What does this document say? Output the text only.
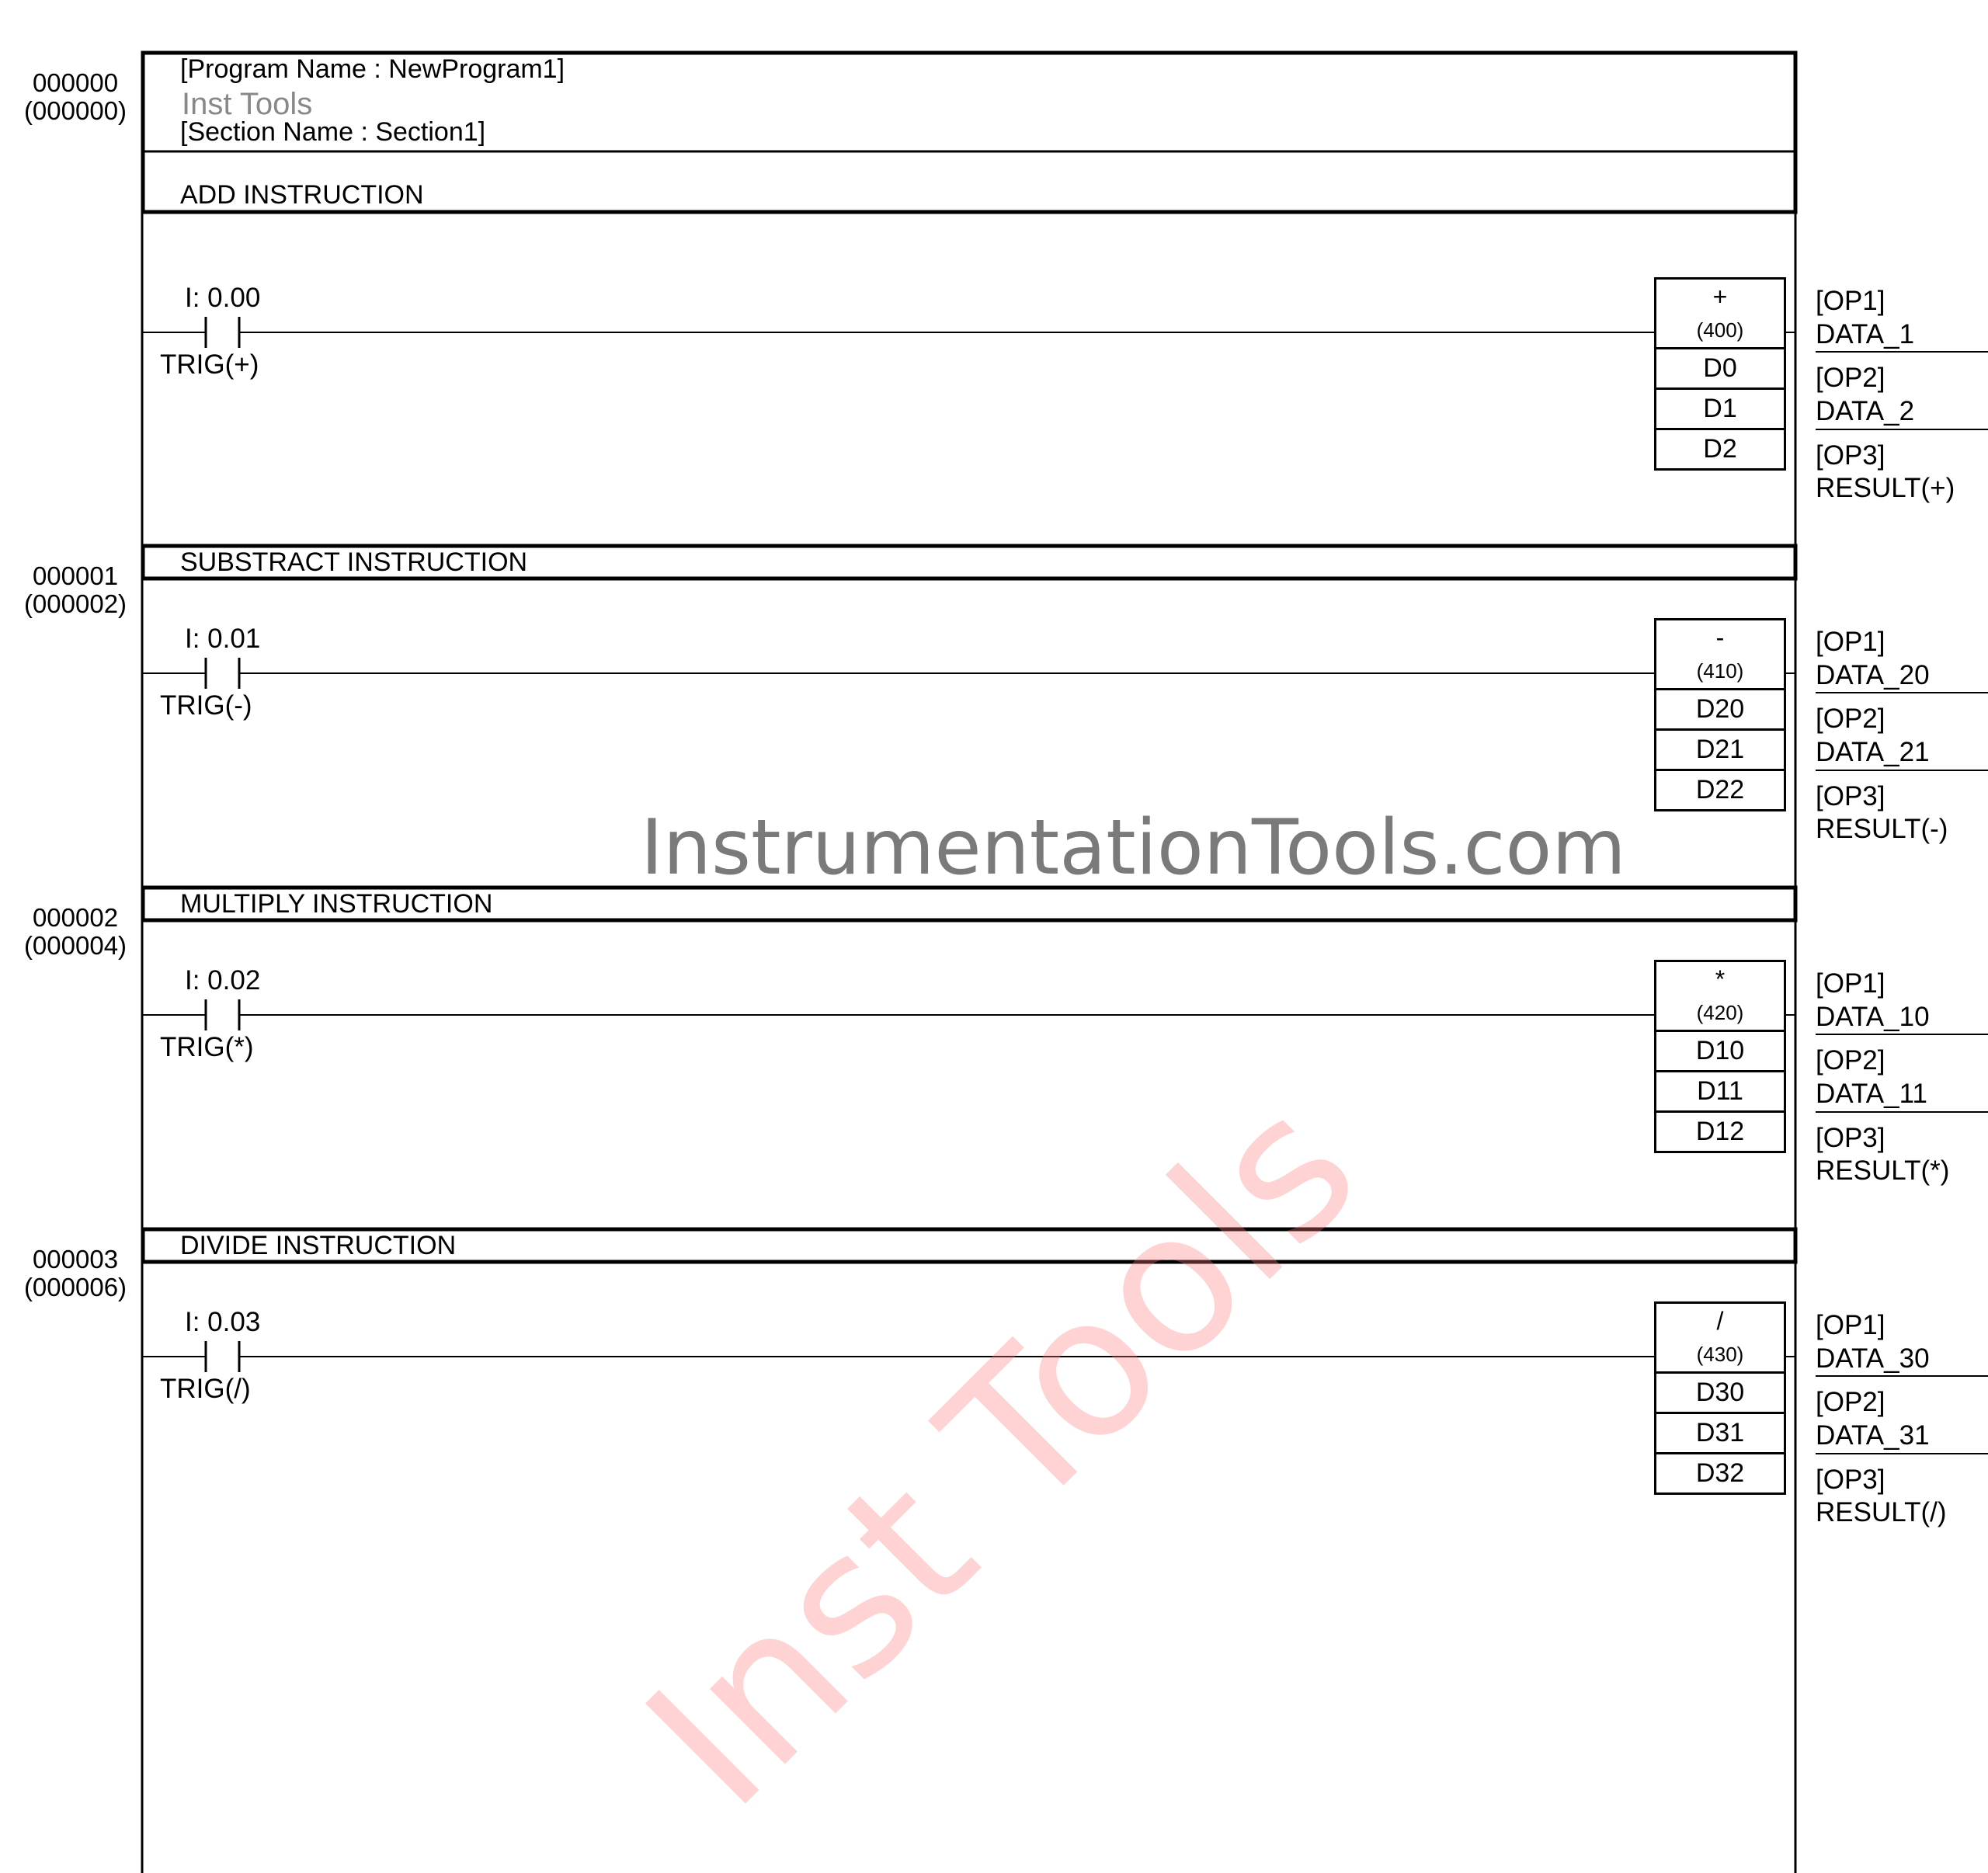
[Program Name : NewProgram1]
Inst Tools
[Section Name : Section1]
000000
(000000)
ADD INSTRUCTION
I: 0.00
TRIG(+)
+
(400)
D0
D1
D2
[OP1]

DATA_1
[OP2]

DATA_2
[OP3]
RESULT(+)
000001
(000002)
SUBSTRACT INSTRUCTION
I: 0.01
TRIG(-)
-
(410)
D20
D21
D22
[OP1]

DATA_20
[OP2]

DATA_21
[OP3]
RESULT(-)
000002
(000004)
MULTIPLY INSTRUCTION
I: 0.02
TRIG(*)
*
(420)
D10
D11
D12
[OP1]

DATA_10
[OP2]

DATA_11
[OP3]
RESULT(*)
000003
(000006)
DIVIDE INSTRUCTION
I: 0.03
TRIG(/)
/
(430)
D30
D31
D32
[OP1]

DATA_30
[OP2]

DATA_31
[OP3]
RESULT(/)
InstrumentationTools.com
Inst Tools
